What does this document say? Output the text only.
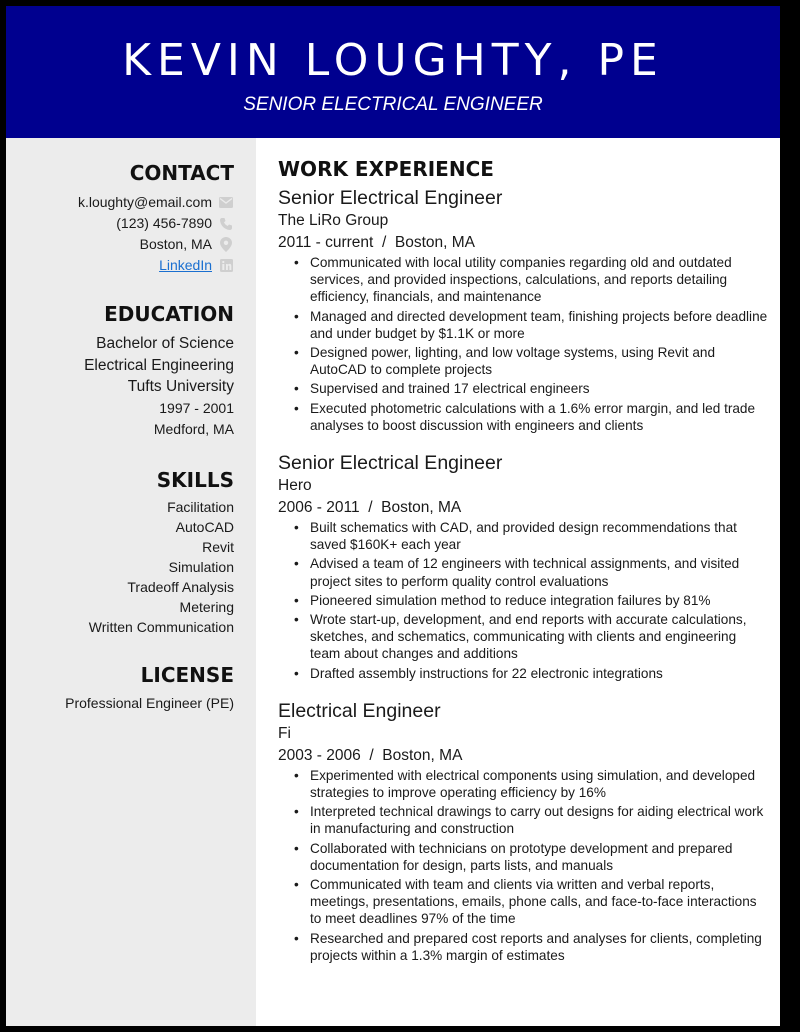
KEVIN LOUGHTY, PE
SENIOR ELECTRICAL ENGINEER
CONTACT
k.loughty@email.com
(123) 456-7890
Boston, MA
LinkedIn
EDUCATION
Bachelor of Science
Electrical Engineering
Tufts University
1997 - 2001
Medford, MA
SKILLS
Facilitation
AutoCAD
Revit
Simulation
Tradeoff Analysis
Metering
Written Communication
LICENSE
Professional Engineer (PE)
WORK EXPERIENCE
Senior Electrical Engineer
The LiRo Group
2011 - current  /  Boston, MA
• Communicated with local utility companies regarding old and outdated services, and provided inspections, calculations, and reports detailing efficiency, financials, and maintenance
• Managed and directed development team, finishing projects before deadline and under budget by $1.1K or more
• Designed power, lighting, and low voltage systems, using Revit and AutoCAD to complete projects
• Supervised and trained 17 electrical engineers
• Executed photometric calculations with a 1.6% error margin, and led trade analyses to boost discussion with engineers and clients
Senior Electrical Engineer
Hero
2006 - 2011  /  Boston, MA
• Built schematics with CAD, and provided design recommendations that saved $160K+ each year
• Advised a team of 12 engineers with technical assignments, and visited project sites to perform quality control evaluations
• Pioneered simulation method to reduce integration failures by 81%
• Wrote start-up, development, and end reports with accurate calculations, sketches, and schematics, communicating with clients and engineering team about changes and additions
• Drafted assembly instructions for 22 electronic integrations
Electrical Engineer
Fi
2003 - 2006  /  Boston, MA
• Experimented with electrical components using simulation, and developed strategies to improve operating efficiency by 16%
• Interpreted technical drawings to carry out designs for aiding electrical work in manufacturing and construction
• Collaborated with technicians on prototype development and prepared documentation for design, parts lists, and manuals
• Communicated with team and clients via written and verbal reports, meetings, presentations, emails, phone calls, and face-to-face interactions to meet deadlines 97% of the time
• Researched and prepared cost reports and analyses for clients, completing projects within a 1.3% margin of estimates
